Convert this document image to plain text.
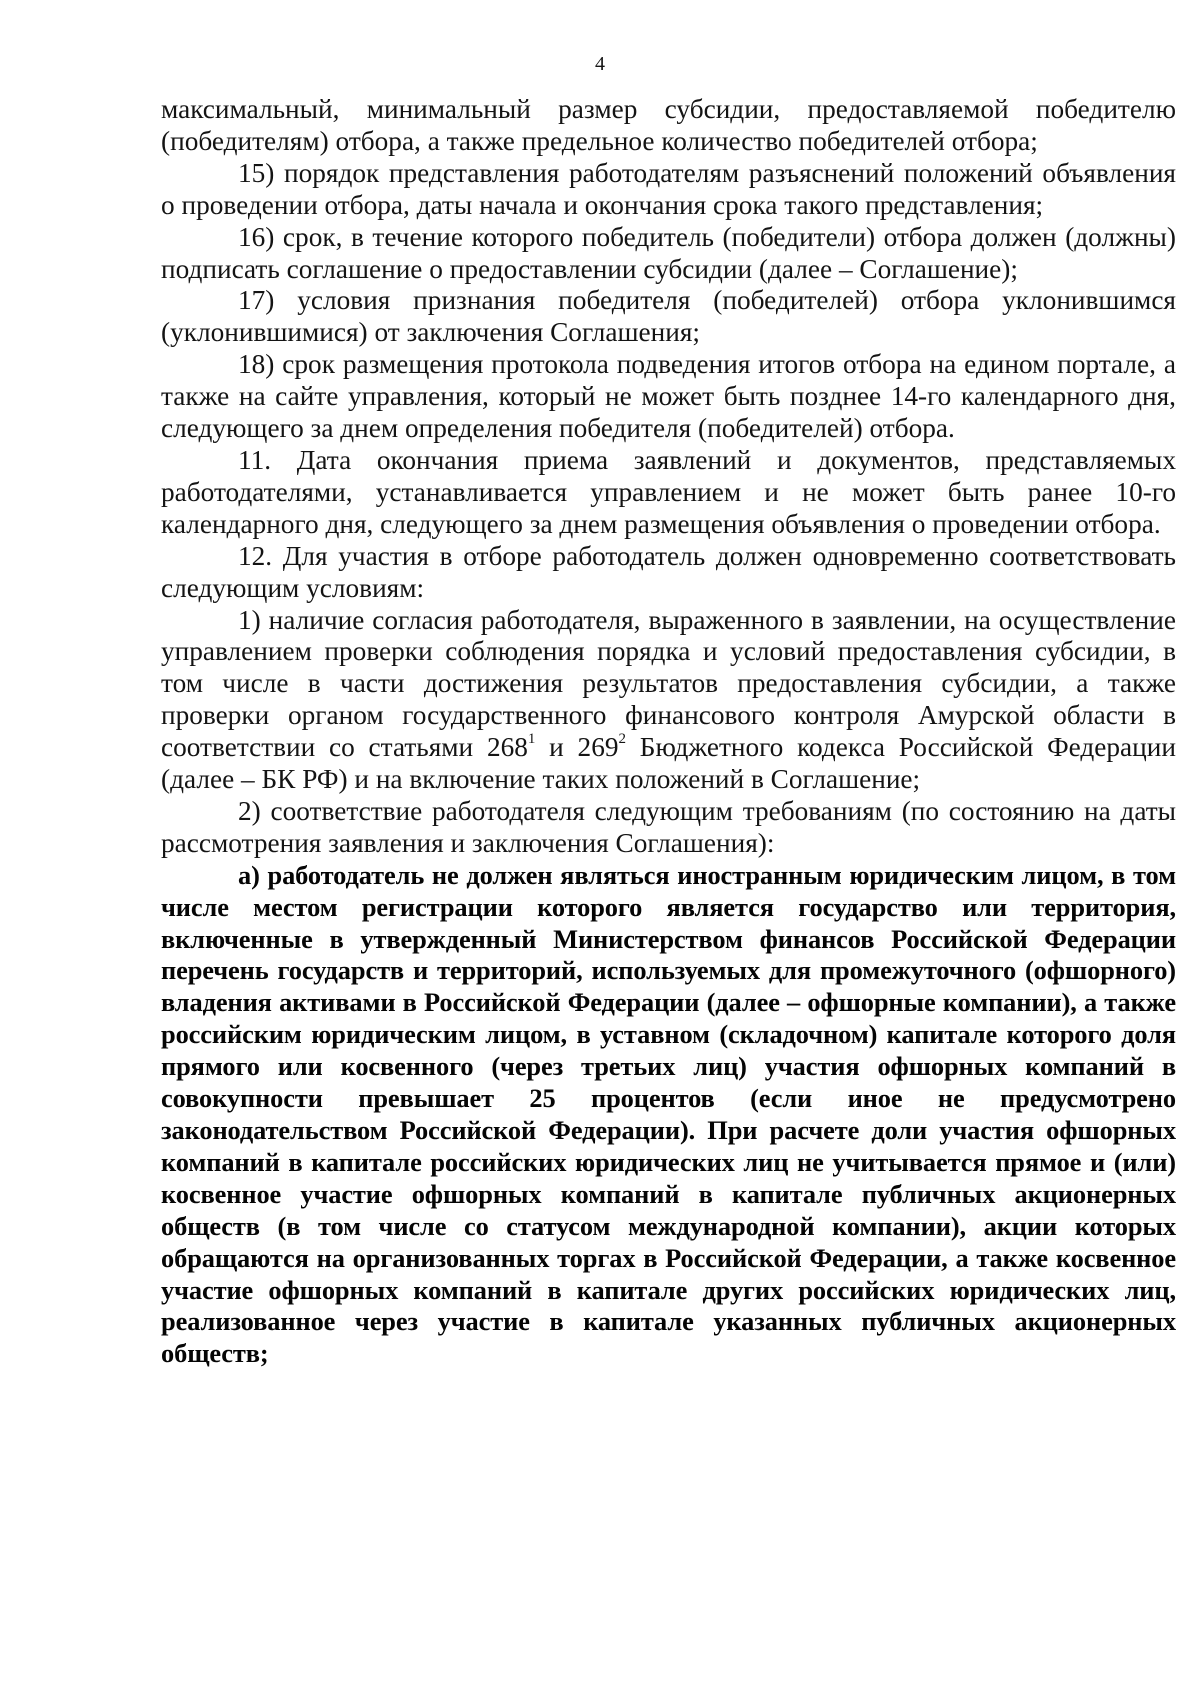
4

максимальный, минимальный размер субсидии, предоставляемой победителю (победителям) отбора, а также предельное количество победителей отбора;

15) порядок представления работодателям разъяснений положений объявления о проведении отбора, даты начала и окончания срока такого представления;

16) срок, в течение которого победитель (победители) отбора должен (должны) подписать соглашение о предоставлении субсидии (далее – Соглашение);

17) условия признания победителя (победителей) отбора уклонившимся (уклонившимися) от заключения Соглашения;

18) срок размещения протокола подведения итогов отбора на едином портале, а также на сайте управления, который не может быть позднее 14-го календарного дня, следующего за днем определения победителя (победителей) отбора.

11. Дата окончания приема заявлений и документов, представляемых работодателями, устанавливается управлением и не может быть ранее 10-го календарного дня, следующего за днем размещения объявления о проведении отбора.

12. Для участия в отборе работодатель должен одновременно соответствовать следующим условиям:

1) наличие согласия работодателя, выраженного в заявлении, на осуществление управлением проверки соблюдения порядка и условий предоставления субсидии, в том числе в части достижения результатов предоставления субсидии, а также проверки органом государственного финансового контроля Амурской области в соответствии со статьями $268^1$ и $269^2$ Бюджетного кодекса Российской Федерации (далее – БК РФ) и на включение таких положений в Соглашение;

2) соответствие работодателя следующим требованиям (по состоянию на даты рассмотрения заявления и заключения Соглашения):

а) работодатель не должен являться иностранным юридическим лицом, в том числе местом регистрации которого является государство или территория, включенные в утвержденный Министерством финансов Российской Федерации перечень государств и территорий, используемых для промежуточного (офшорного) владения активами в Российской Федерации (далее – офшорные компании), а также российским юридическим лицом, в уставном (складочном) капитале которого доля прямого или косвенного (через третьих лиц) участия офшорных компаний в совокупности превышает 25 процентов (если иное не предусмотрено законодательством Российской Федерации). При расчете доли участия офшорных компаний в капитале российских юридических лиц не учитывается прямое и (или) косвенное участие офшорных компаний в капитале публичных акционерных обществ (в том числе со статусом международной компании), акции которых обращаются на организованных торгах в Российской Федерации, а также косвенное участие офшорных компаний в капитале других российских юридических лиц, реализованное через участие в капитале указанных публичных акционерных обществ;
